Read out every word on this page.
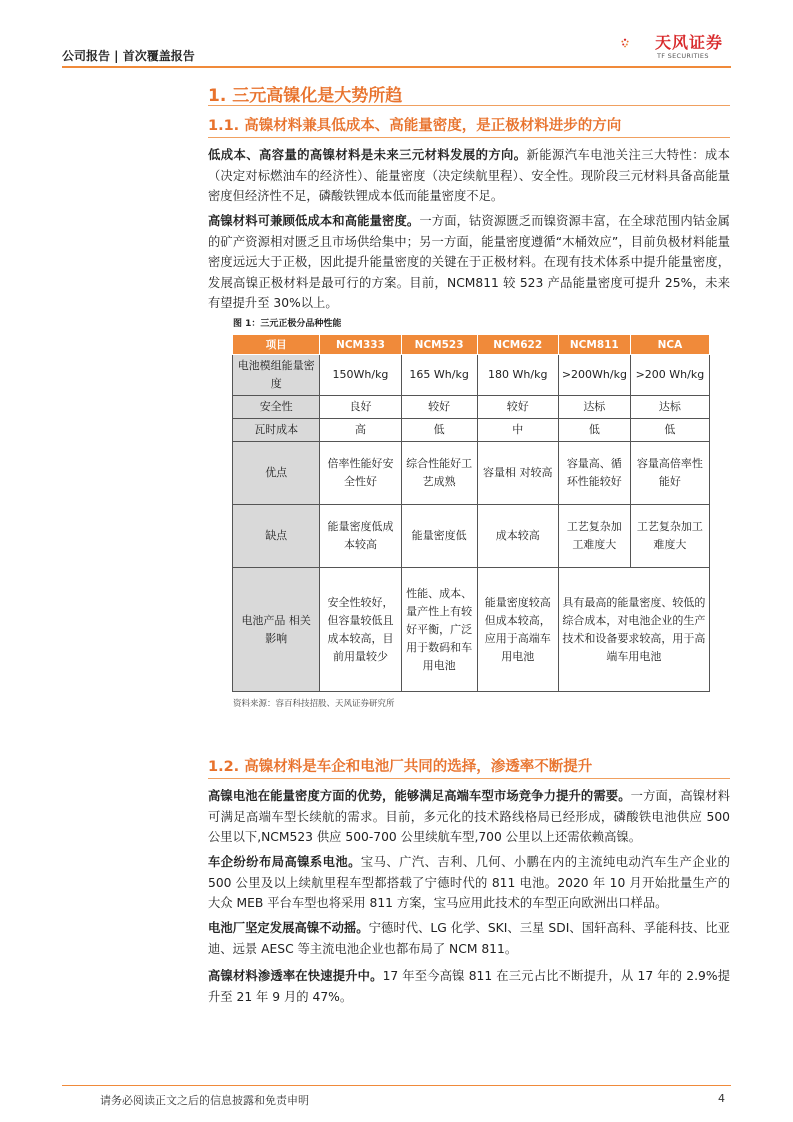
公司报告 | 首次覆盖报告
天风证券
TF SECURITIES
1. 三元高镍化是大势所趋
1.1. 高镍材料兼具低成本、高能量密度，是正极材料进步的方向
低成本、高容量的高镍材料是未来三元材料发展的方向。新能源汽车电池关注三大特性：成本（决定对标燃油车的经济性）、能量密度（决定续航里程）、安全性。现阶段三元材料具备高能量密度但经济性不足，磷酸铁锂成本低而能量密度不足。
高镍材料可兼顾低成本和高能量密度。一方面，钴资源匮乏而镍资源丰富，在全球范围内钴金属的矿产资源相对匮乏且市场供给集中；另一方面，能量密度遵循“木桶效应”，目前负极材料能量密度远远大于正极，因此提升能量密度的关键在于正极材料。在现有技术体系中提升能量密度，发展高镍正极材料是最可行的方案。目前，NCM811 较 523 产品能量密度可提升 25%，未来有望提升至 30%以上。
图 1：三元正极分品种性能
项目	NCM333	NCM523	NCM622	NCM811	NCA
电池模组能量密度	150Wh/kg	165 Wh/kg	180 Wh/kg	>200Wh/kg	>200 Wh/kg
安全性	良好	较好	较好	达标	达标
瓦时成本	高	低	中	低	低
优点	倍率性能好安全性好	综合性能好工艺成熟	容量相 对较高	容量高、循环性能较好	容量高倍率性能好
缺点	能量密度低成本较高	能量密度低	成本较高	工艺复杂加工难度大	工艺复杂加工难度大
电池产品 相关影响	安全性较好，但容量较低且成本较高，目前用量较少	性能、成本、量产性上有较好平衡，广泛用于数码和车用电池	能量密度较高但成本较高，应用于高端车用电池	具有最高的能量密度、较低的综合成本，对电池企业的生产技术和设备要求较高，用于高端车用电池	
资料来源：容百科技招股、天风证券研究所
1.2. 高镍材料是车企和电池厂共同的选择，渗透率不断提升
高镍电池在能量密度方面的优势，能够满足高端车型市场竞争力提升的需要。一方面，高镍材料可满足高端车型长续航的需求。目前，多元化的技术路线格局已经形成，磷酸铁电池供应 500 公里以下,NCM523 供应 500-700 公里续航车型,700 公里以上还需依赖高镍。
车企纷纷布局高镍系电池。宝马、广汽、吉利、几何、小鹏在内的主流纯电动汽车生产企业的 500 公里及以上续航里程车型都搭载了宁德时代的 811 电池。2020 年 10 月开始批量生产的大众 MEB 平台车型也将采用 811 方案，宝马应用此技术的车型正向欧洲出口样品。
电池厂坚定发展高镍不动摇。宁德时代、LG 化学、SKI、三星 SDI、国轩高科、孚能科技、比亚迪、远景 AESC 等主流电池企业也都布局了 NCM 811。
高镍材料渗透率在快速提升中。17 年至今高镍 811 在三元占比不断提升，从 17 年的 2.9%提升至 21 年 9 月的 47%。
请务必阅读正文之后的信息披露和免责申明	4
